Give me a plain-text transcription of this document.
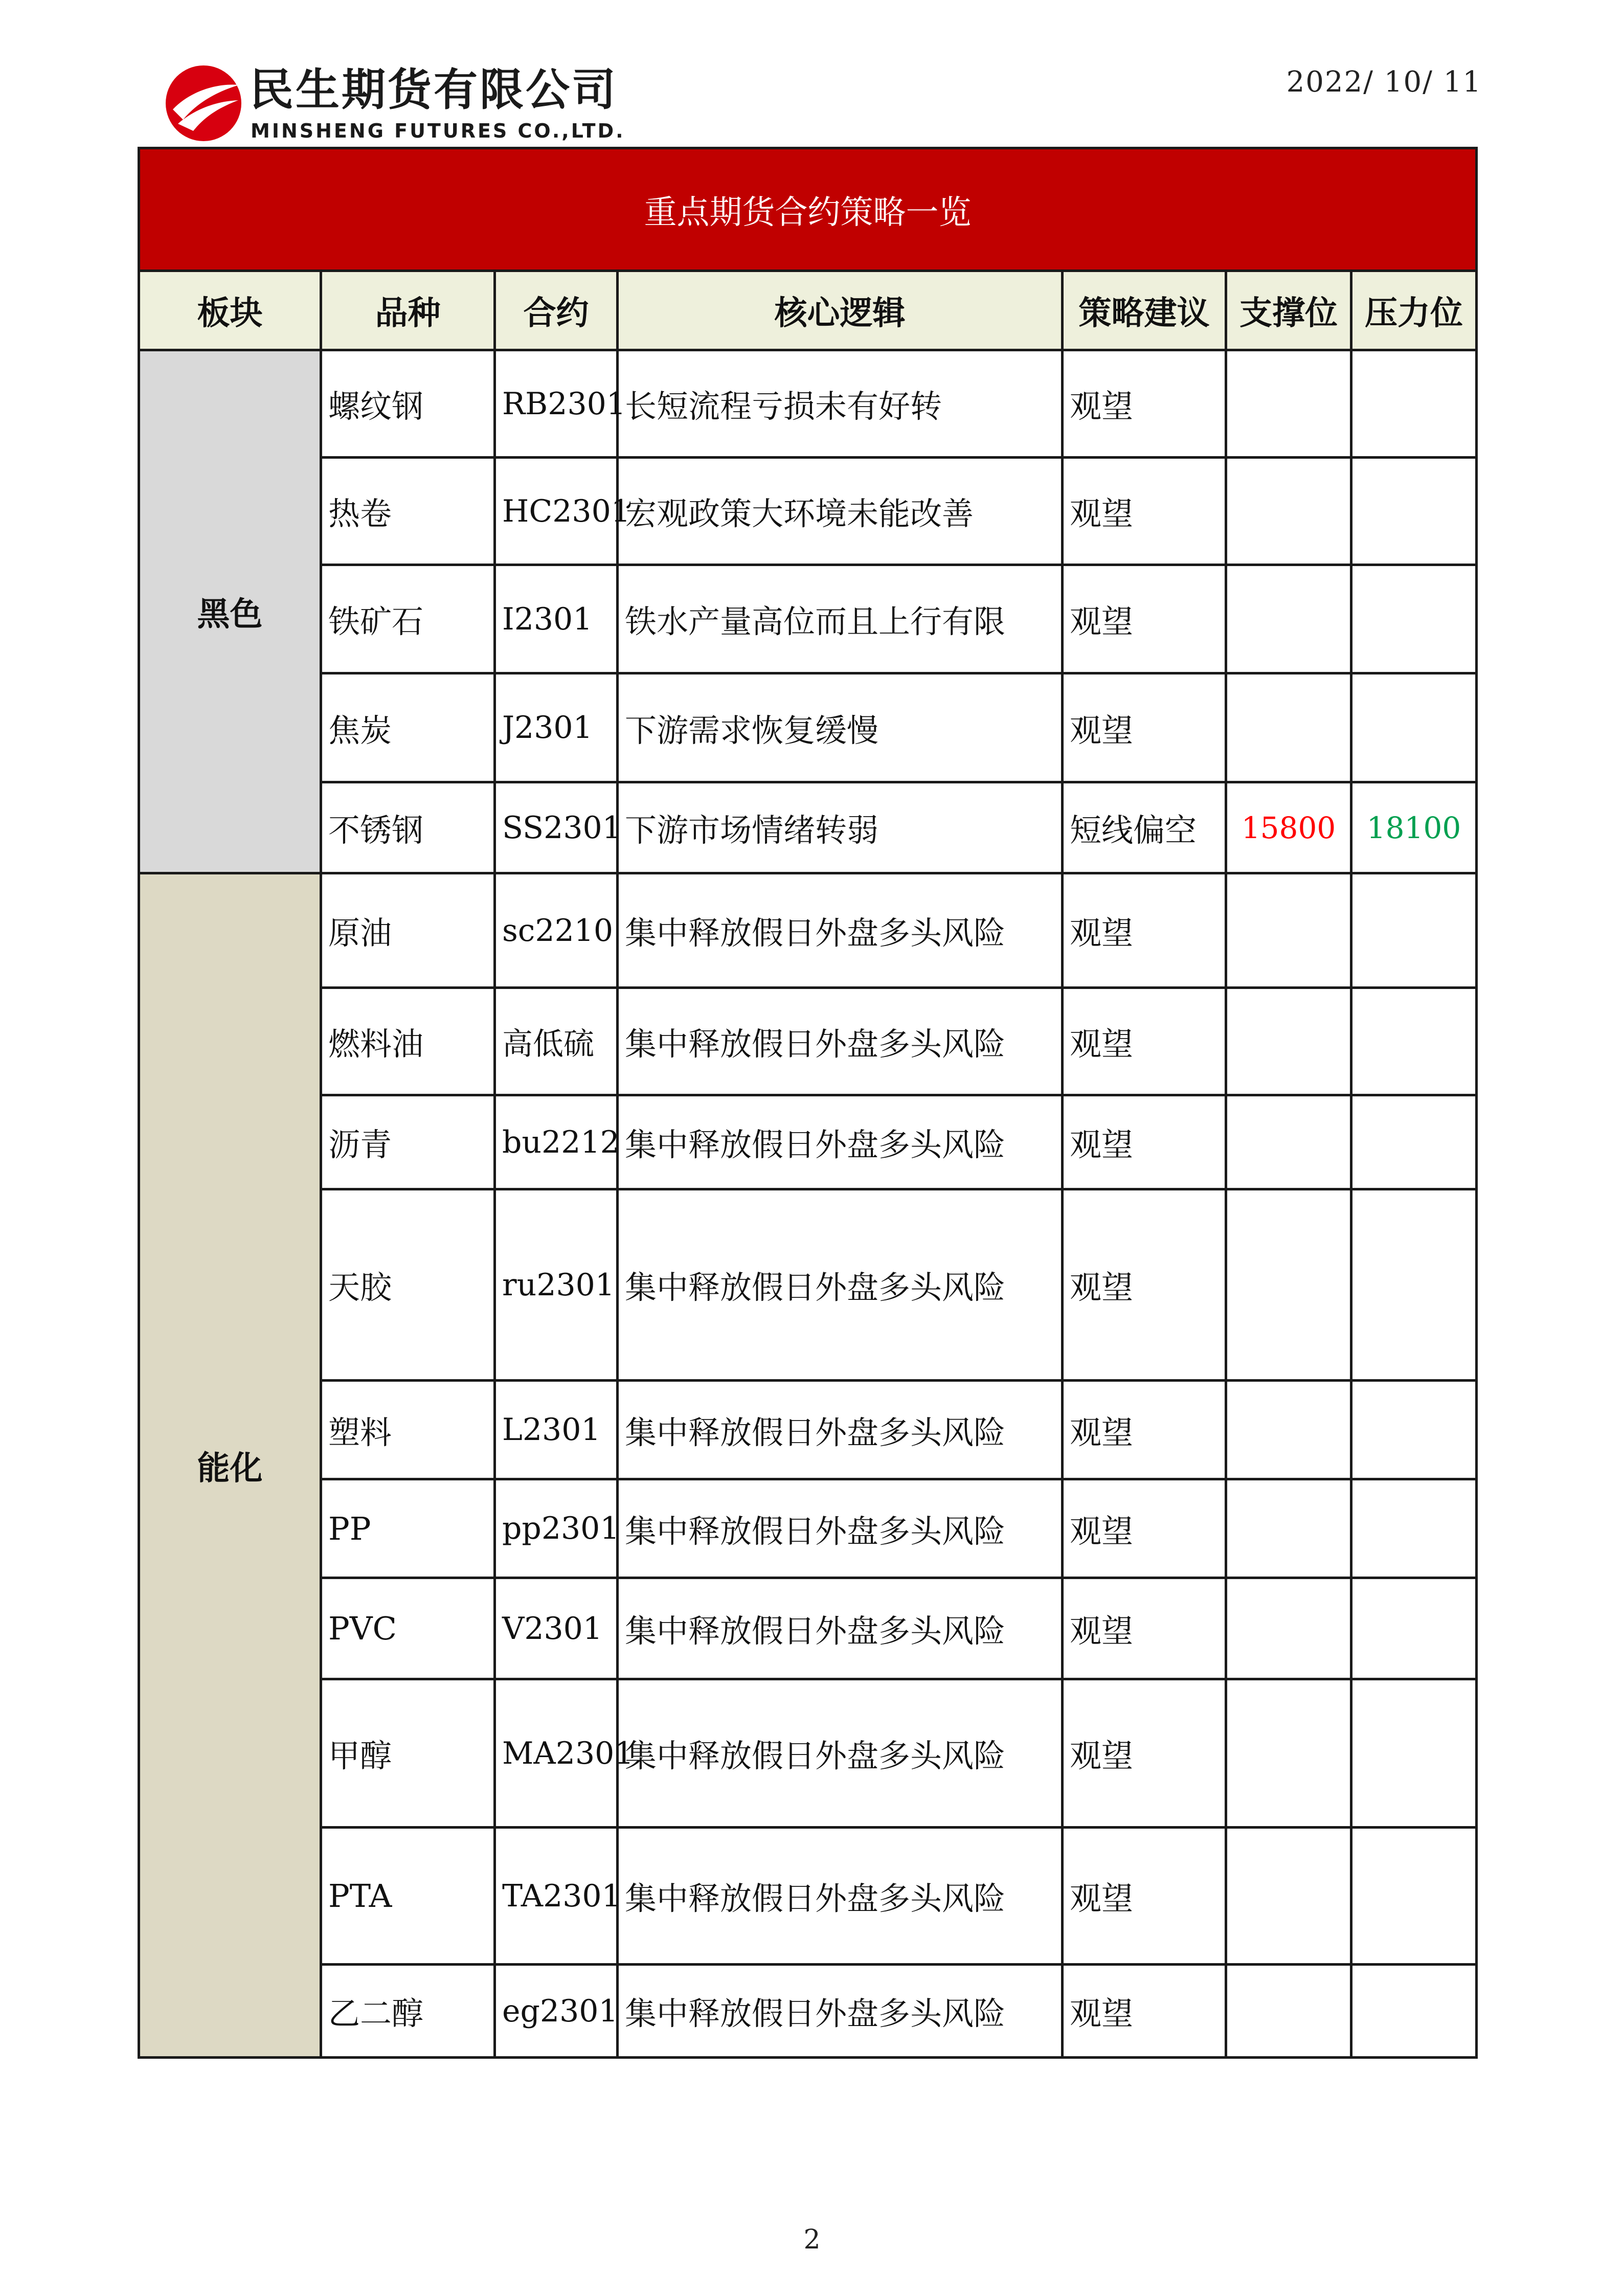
民生期货有限公司
MINSHENG FUTURES CO.,LTD.
2022/ 10/ 11
重点期货合约策略一览						
板块	品种	合约	核心逻辑	策略建议	支撑位	压力位
黑色	螺纹钢	RB2301	长短流程亏损未有好转	观望		
	热卷	HC2301	宏观政策大环境未能改善	观望		
	铁矿石	I2301	铁水产量高位而且上行有限	观望		
	焦炭	J2301	下游需求恢复缓慢	观望		
	不锈钢	SS2301	下游市场情绪转弱	短线偏空	15800	18100
能化	原油	sc2210	集中释放假日外盘多头风险	观望		
	燃料油	高低硫	集中释放假日外盘多头风险	观望		
	沥青	bu2212	集中释放假日外盘多头风险	观望		
	天胶	ru2301	集中释放假日外盘多头风险	观望		
	塑料	L2301	集中释放假日外盘多头风险	观望		
	PP	pp2301	集中释放假日外盘多头风险	观望		
	PVC	V2301	集中释放假日外盘多头风险	观望		
	甲醇	MA2301	集中释放假日外盘多头风险	观望		
	PTA	TA2301	集中释放假日外盘多头风险	观望		
	乙二醇	eg2301	集中释放假日外盘多头风险	观望		
2
